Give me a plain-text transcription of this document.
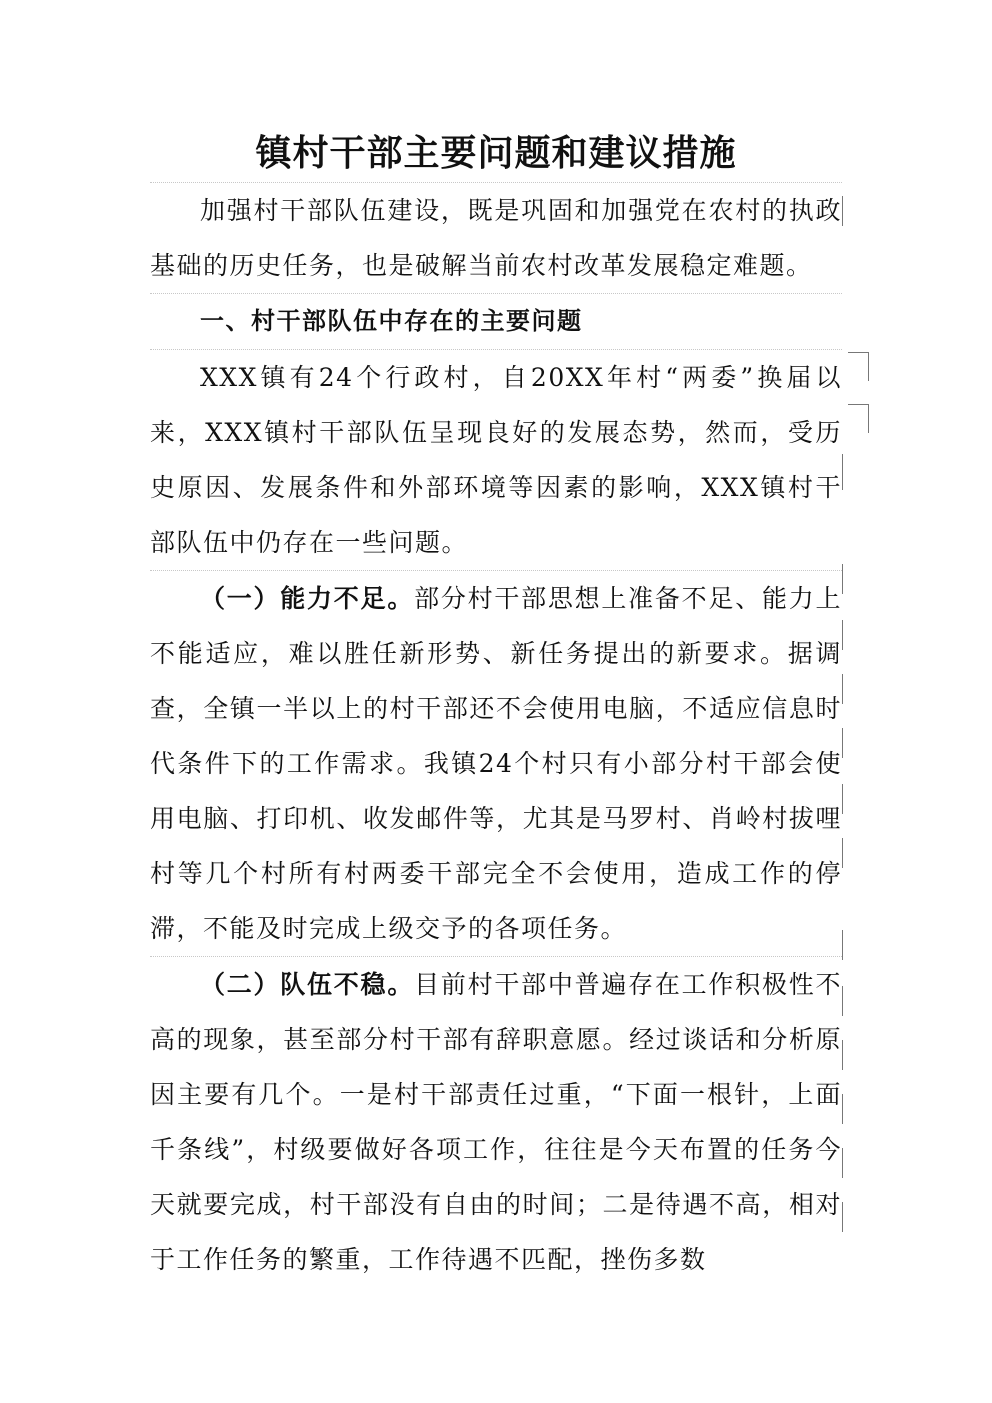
镇村干部主要问题和建议措施

加强村干部队伍建设，既是巩固和加强党在农村的执政基础的历史任务，也是破解当前农村改革发展稳定难题。

一、村干部队伍中存在的主要问题

XXX镇有24个行政村，自20XX年村“两委”换届以来，XXX镇村干部队伍呈现良好的发展态势，然而，受历史原因、发展条件和外部环境等因素的影响，XXX镇村干部队伍中仍存在一些问题。

（一）能力不足。部分村干部思想上准备不足、能力上不能适应，难以胜任新形势、新任务提出的新要求。据调查，全镇一半以上的村干部还不会使用电脑，不适应信息时代条件下的工作需求。我镇24个村只有小部分村干部会使用电脑、打印机、收发邮件等，尤其是马罗村、肖岭村拔哩村等几个村所有村两委干部完全不会使用，造成工作的停滞，不能及时完成上级交予的各项任务。

（二）队伍不稳。目前村干部中普遍存在工作积极性不高的现象，甚至部分村干部有辞职意愿。经过谈话和分析原因主要有几个。一是村干部责任过重，“下面一根针，上面千条线”，村级要做好各项工作，往往是今天布置的任务今天就要完成，村干部没有自由的时间；二是待遇不高，相对于工作任务的繁重，工作待遇不匹配，挫伤多数
